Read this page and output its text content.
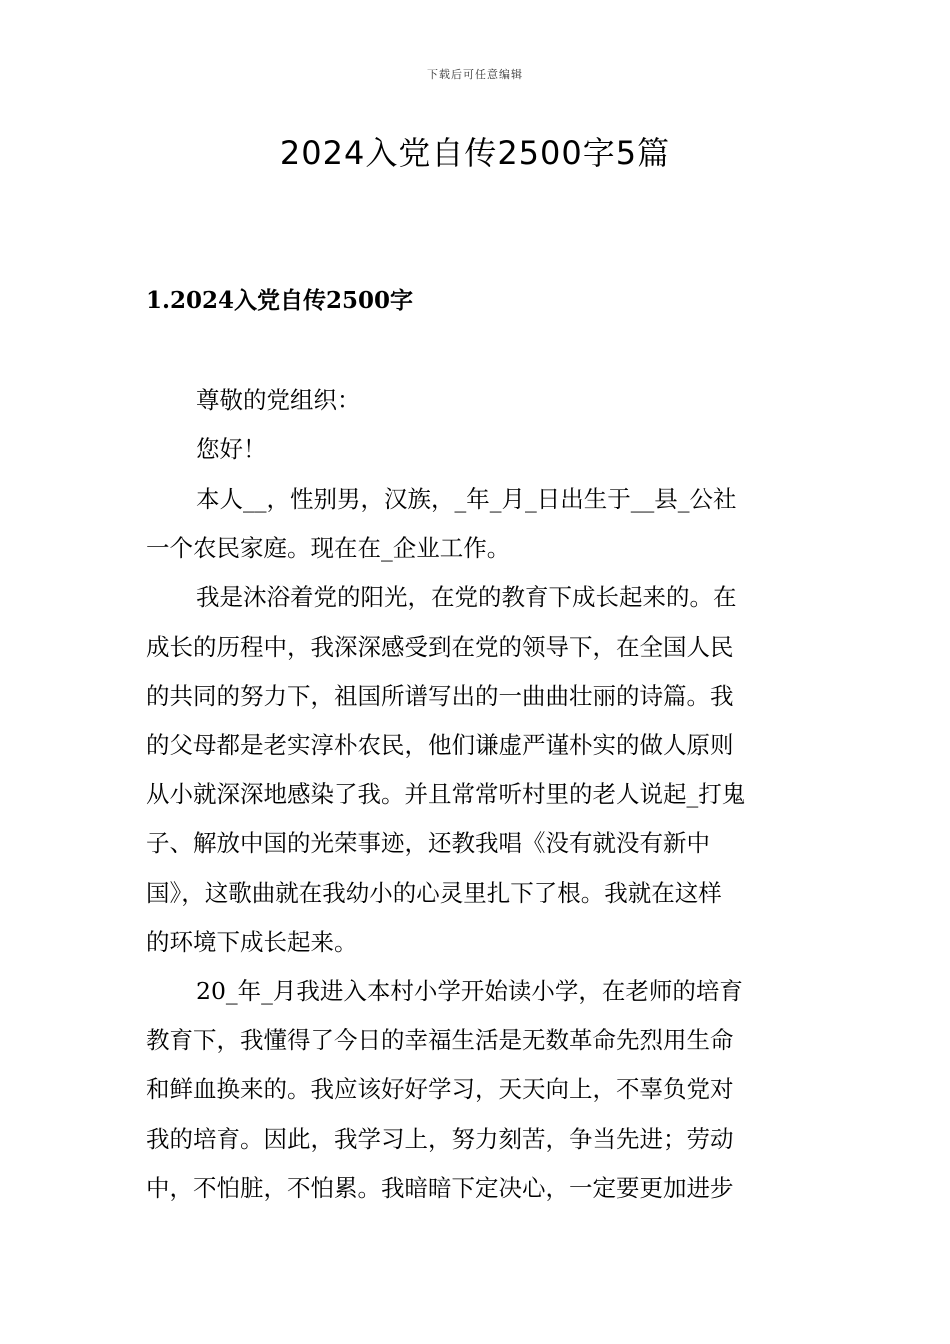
下载后可任意编辑
2024入党自传2500字5篇
1.2024入党自传2500字
尊敬的党组织：
您好！
本人__，性别男，汉族，_年_月_日出生于__县_公社
一个农民家庭。现在在_企业工作。
我是沐浴着党的阳光，在党的教育下成长起来的。在
成长的历程中，我深深感受到在党的领导下，在全国人民
的共同的努力下，祖国所谱写出的一曲曲壮丽的诗篇。我
的父母都是老实淳朴农民，他们谦虚严谨朴实的做人原则
从小就深深地感染了我。并且常常听村里的老人说起_打鬼
子、解放中国的光荣事迹，还教我唱《没有就没有新中
国》，这歌曲就在我幼小的心灵里扎下了根。我就在这样
的环境下成长起来。
20_年_月我进入本村小学开始读小学，在老师的培育
教育下，我懂得了今日的幸福生活是无数革命先烈用生命
和鲜血换来的。我应该好好学习，天天向上，不辜负党对
我的培育。因此，我学习上，努力刻苦，争当先进；劳动
中，不怕脏，不怕累。我暗暗下定决心，一定要更加进步
